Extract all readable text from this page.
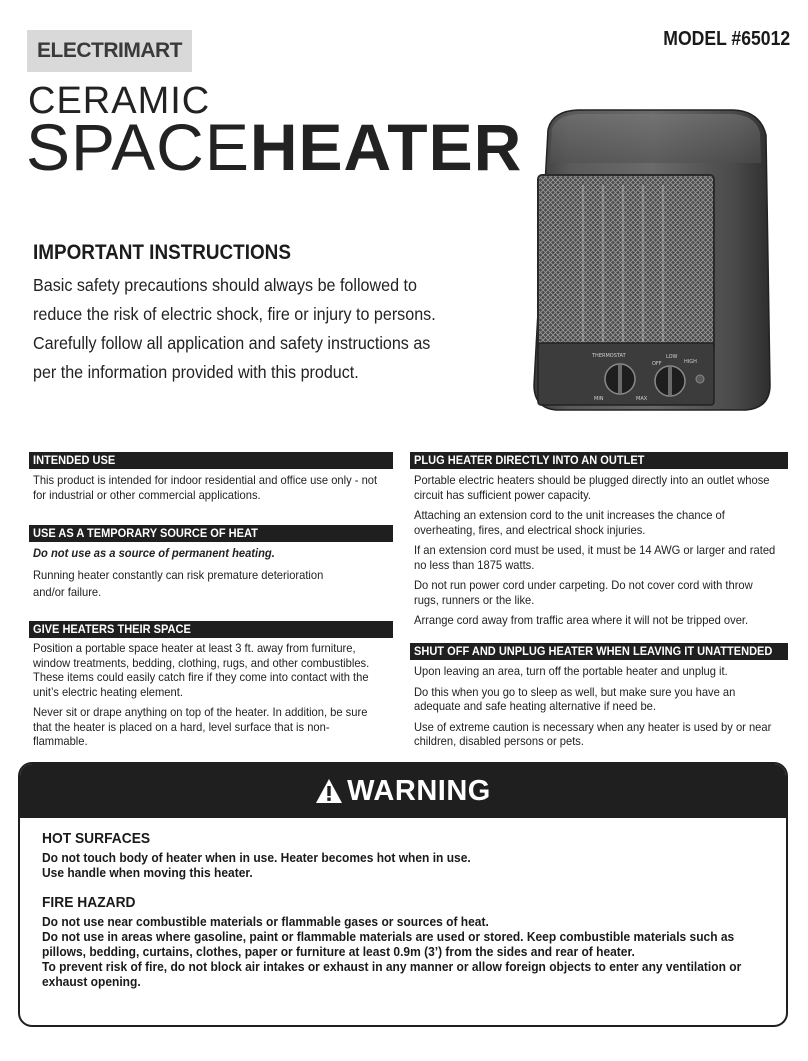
ELECTRIMART	MODEL #65012
CERAMIC
SPACEHEATER
IMPORTANT INSTRUCTIONS
Basic safety precautions should always be followed to
reduce the risk of electric shock, fire or injury to persons.
Carefully follow all application and safety instructions as
per the information provided with this product.
THERMOSTAT
MIN	MAX
OFF
LOW
HIGH
INTENDED USE

This product is intended for indoor residential and office use only - not for industrial or other commercial applications.

USE AS A TEMPORARY SOURCE OF HEAT

Do not use as a source of permanent heating.

Running heater constantly can risk premature deterioration and/or failure.

GIVE HEATERS THEIR SPACE

Position a portable space heater at least 3 ft. away from furniture, window treatments, bedding, clothing, rugs, and other combustibles. These items could easily catch fire if they come into contact with the unit’s electric heating element.

Never sit or drape anything on top of the heater. In addition, be sure that the heater is placed on a hard, level surface that is non-flammable.

PLUG HEATER DIRECTLY INTO AN OUTLET

Portable electric heaters should be plugged directly into an outlet whose circuit has sufficient power capacity.

Attaching an extension cord to the unit increases the chance of overheating, fires, and electrical shock injuries.

If an extension cord must be used, it must be 14 AWG or larger and rated no less than 1875 watts.

Do not run power cord under carpeting. Do not cover cord with throw rugs, runners or the like.

Arrange cord away from traffic area where it will not be tripped over.

SHUT OFF AND UNPLUG HEATER WHEN LEAVING IT UNATTENDED

Upon leaving an area, turn off the portable heater and unplug it.

Do this when you go to sleep as well, but make sure you have an adequate and safe heating alternative if need be.

Use of extreme caution is necessary when any heater is used by or near children, disabled persons or pets.

WARNING
HOT SURFACES

Do not touch body of heater when in use. Heater becomes hot when in use.

Use handle when moving this heater.

FIRE HAZARD

Do not use near combustible materials or flammable gases or sources of heat.

Do not use in areas where gasoline, paint or flammable materials are used or stored. Keep combustible materials such as pillows, bedding, curtains, clothes, paper or furniture at least 0.9m (3’) from the sides and rear of heater.

To prevent risk of fire, do not block air intakes or exhaust in any manner or allow foreign objects to enter any ventilation or exhaust opening.
